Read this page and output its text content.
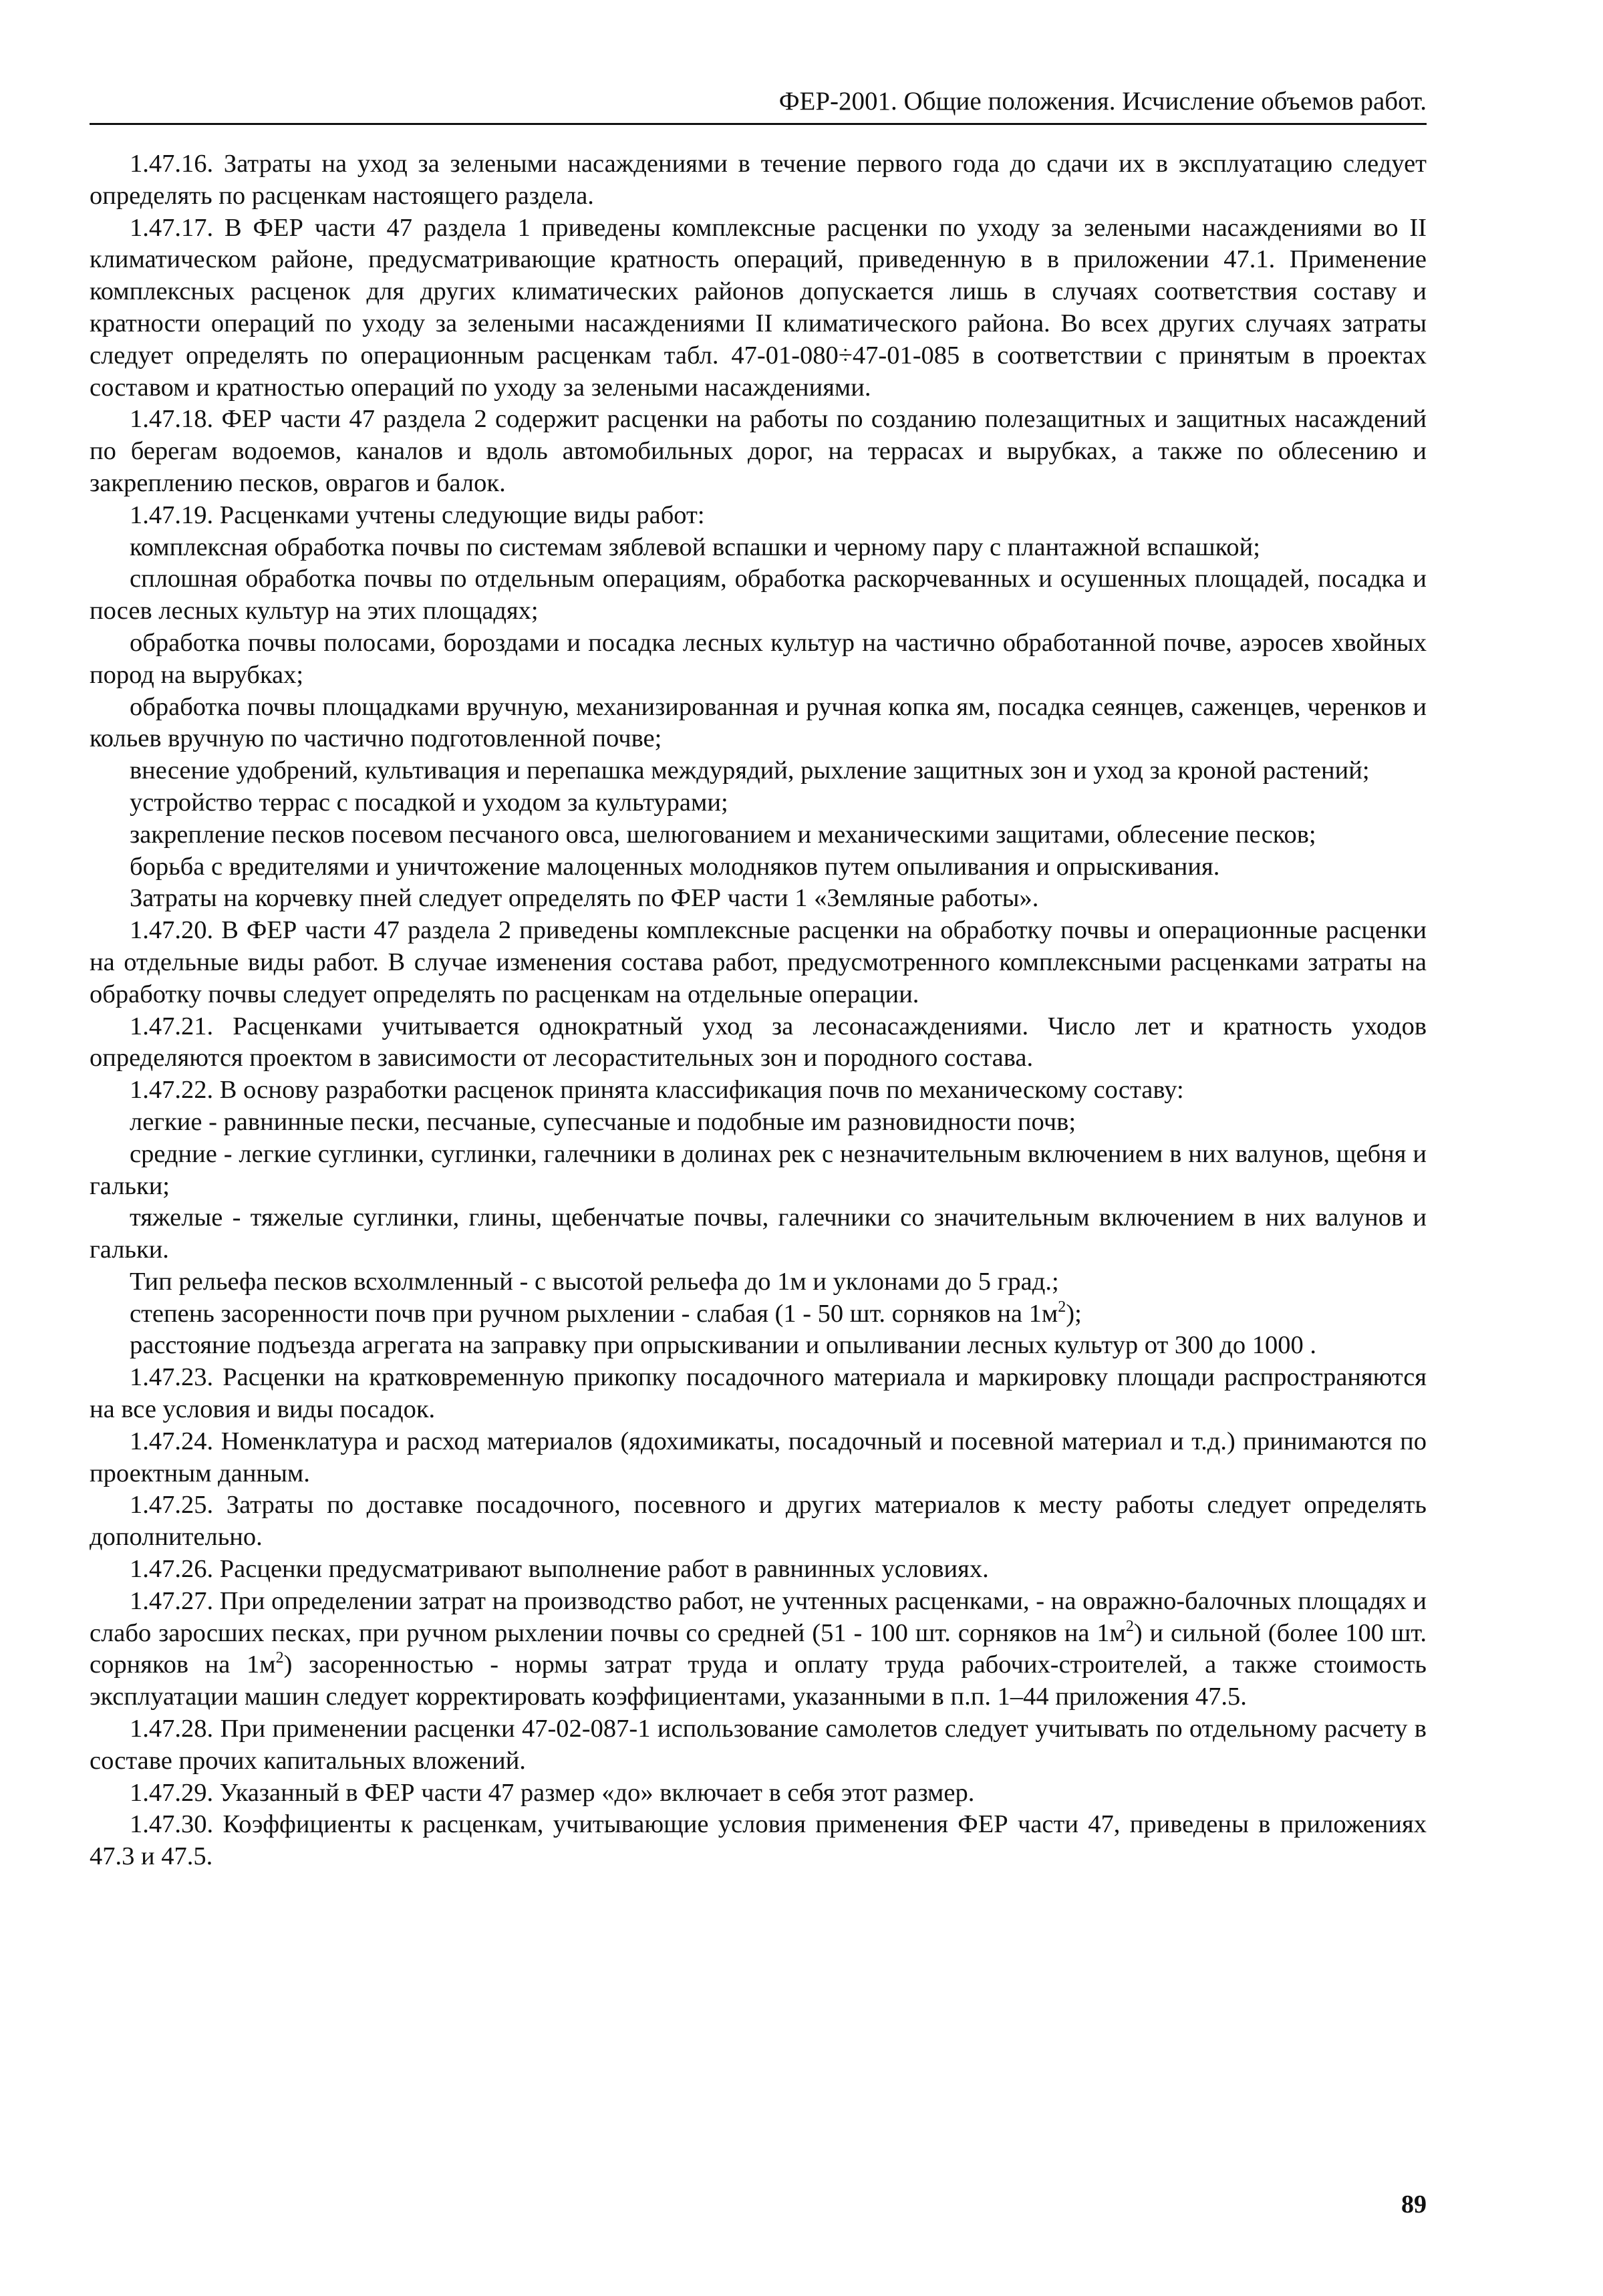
ФЕР-2001. Общие положения. Исчисление объемов работ.

1.47.16. Затраты на уход за зелеными насаждениями в течение первого года до сдачи их в эксплуатацию следует определять по расценкам настоящего раздела.

1.47.17. В ФЕР части 47 раздела 1 приведены комплексные расценки по уходу за зелеными насаждениями во II климатическом районе, предусматривающие кратность операций, приведенную в в приложении 47.1. Применение комплексных расценок для других климатических районов допускается лишь в случаях соответствия составу и кратности операций по уходу за зелеными насаждениями II климатического района. Во всех других случаях затраты следует определять по операционным расценкам табл. 47-01-080÷47-01-085 в соответствии с принятым в проектах составом и кратностью операций по уходу за зелеными насаждениями.

1.47.18. ФЕР части 47 раздела 2 содержит расценки на работы по созданию полезащитных и защитных насаждений по берегам водоемов, каналов и вдоль автомобильных дорог, на террасах и вырубках, а также по облесению и закреплению песков, оврагов и балок.

1.47.19. Расценками учтены следующие виды работ:

комплексная обработка почвы по системам зяблевой вспашки и черному пару с плантажной вспашкой;

сплошная обработка почвы по отдельным операциям, обработка раскорчеванных и осушенных площадей, посадка и посев лесных культур на этих площадях;

обработка почвы полосами, бороздами и посадка лесных культур на частично обработанной почве, аэросев хвойных пород на вырубках;

обработка почвы площадками вручную, механизированная и ручная копка ям, посадка сеянцев, саженцев, черенков и кольев вручную по частично подготовленной почве;

внесение удобрений, культивация и перепашка междурядий, рыхление защитных зон и уход за кроной растений;

устройство террас с посадкой и уходом за культурами;

закрепление песков посевом песчаного овса, шелюгованием и механическими защитами, облесение песков;

борьба с вредителями и уничтожение малоценных молодняков путем опыливания и опрыскивания.

Затраты на корчевку пней следует определять по ФЕР части 1 «Земляные работы».

1.47.20. В ФЕР части 47 раздела 2 приведены комплексные расценки на обработку почвы и операционные расценки на отдельные виды работ. В случае изменения состава работ, предусмотренного комплексными расценками затраты на обработку почвы следует определять по расценкам на отдельные операции.

1.47.21. Расценками учитывается однократный уход за лесонасаждениями. Число лет и кратность уходов определяются проектом в зависимости от лесорастительных зон и породного состава.

1.47.22. В основу разработки расценок принята классификация почв по механическому составу:

легкие - равнинные пески, песчаные, супесчаные и подобные им разновидности почв;

средние - легкие суглинки, суглинки, галечники в долинах рек с незначительным включением в них валунов, щебня и гальки;

тяжелые - тяжелые суглинки, глины, щебенчатые почвы, галечники со значительным включением в них валунов и гальки.

Тип рельефа песков всхолмленный - с высотой рельефа до 1м и уклонами до 5 град.;

степень засоренности почв при ручном рыхлении - слабая (1 - 50 шт. сорняков на $1м^2$);

расстояние подъезда агрегата на заправку при опрыскивании и опыливании лесных культур от 300 до 1000 .

1.47.23. Расценки на кратковременную прикопку посадочного материала и маркировку площади распространяются на все условия и виды посадок.

1.47.24. Номенклатура и расход материалов (ядохимикаты, посадочный и посевной материал и т.д.) принимаются по проектным данным.

1.47.25. Затраты по доставке посадочного, посевного и других материалов к месту работы следует определять дополнительно.

1.47.26. Расценки предусматривают выполнение работ в равнинных условиях.

1.47.27. При определении затрат на производство работ, не учтенных расценками, - на овражно-балочных площадях и слабо заросших песках, при ручном рыхлении почвы со средней (51 - 100 шт. сорняков на $1м^2$) и сильной (более 100 шт. сорняков на $1м^2$) засоренностью - нормы затрат труда и оплату труда рабочих-строителей, а также стоимость эксплуатации машин следует корректировать коэффициентами, указанными в п.п. 1–44 приложения 47.5.

1.47.28. При применении расценки 47-02-087-1 использование самолетов следует учитывать по отдельному расчету в составе прочих капитальных вложений.

1.47.29. Указанный в ФЕР части 47 размер «до» включает в себя этот размер.

1.47.30. Коэффициенты к расценкам, учитывающие условия применения ФЕР части 47, приведены в приложениях 47.3 и 47.5.

89
